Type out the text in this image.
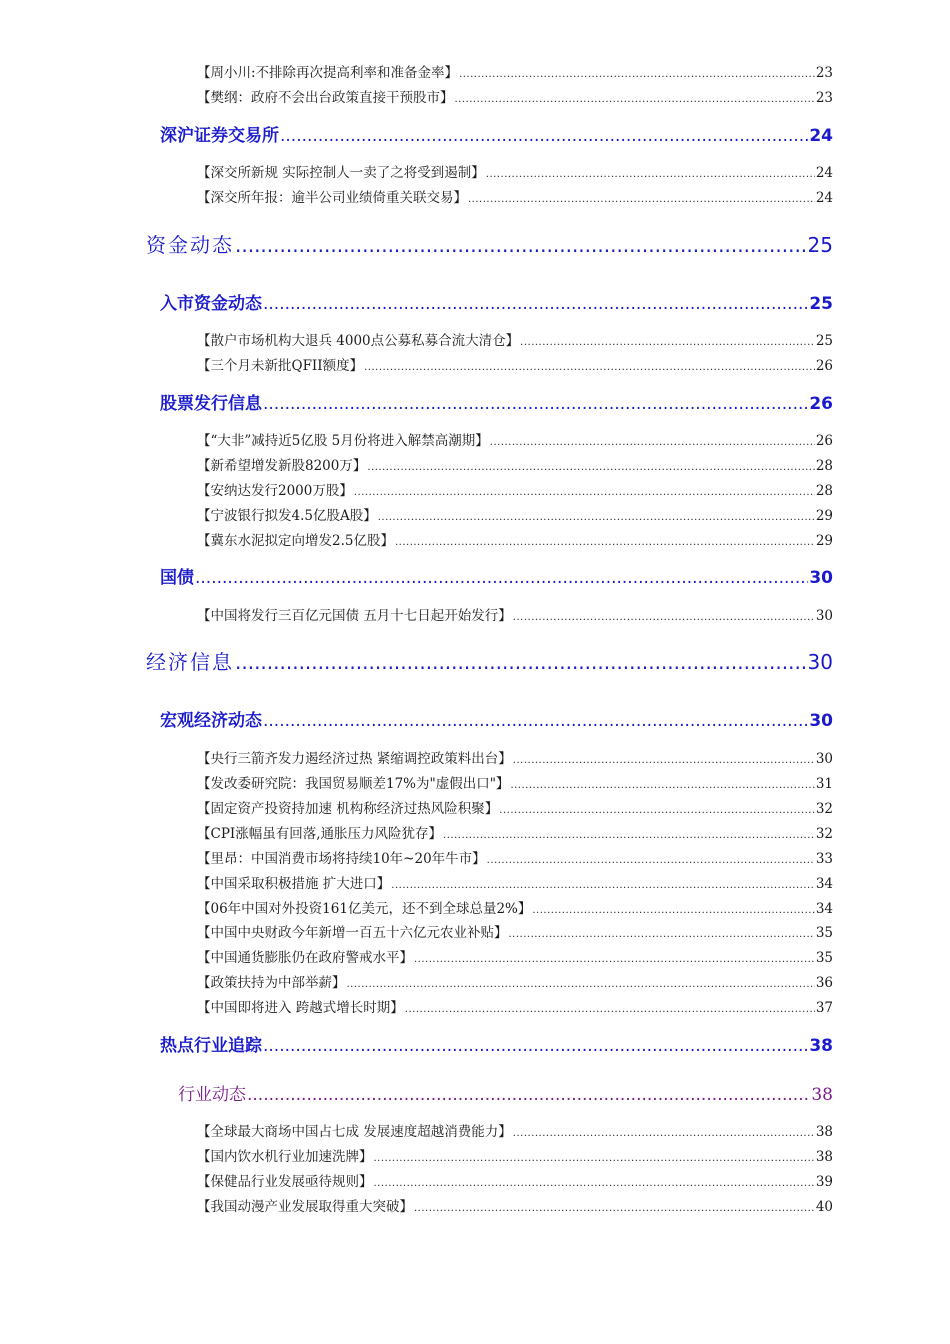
【周小川:不排除再次提高利率和准备金率】 .....	23
【樊纲：政府不会出台政策直接干预股市】 .....	23
深沪证券交易所 .....	24
【深交所新规 实际控制人一卖了之将受到遏制】 .....	24
【深交所年报：逾半公司业绩倚重关联交易】 .....	24
资金动态 .....	25
入市资金动态 .....	25
【散户市场机构大退兵 4000点公募私募合流大清仓】 .....	25
【三个月未新批QFII额度】 .....	26
股票发行信息 .....	26
【“大非”减持近5亿股 5月份将进入解禁高潮期】 .....	26
【新希望增发新股8200万】 .....	28
【安纳达发行2000万股】 .....	28
【宁波银行拟发4.5亿股A股】 .....	29
【冀东水泥拟定向增发2.5亿股】 .....	29
国债 .....	30
【中国将发行三百亿元国债 五月十七日起开始发行】 .....	30
经济信息 .....	30
宏观经济动态 .....	30
【央行三箭齐发力遏经济过热 紧缩调控政策料出台】 .....	30
【发改委研究院：我国贸易顺差17%为"虚假出口"】 .....	31
【固定资产投资持加速 机构称经济过热风险积聚】 .....	32
【CPI涨幅虽有回落,通胀压力风险犹存】 .....	32
【里昂：中国消费市场将持续10年~20年牛市】 .....	33
【中国采取积极措施 扩大进口】 .....	34
【06年中国对外投资161亿美元，还不到全球总量2%】 .....	34
【中国中央财政今年新增一百五十六亿元农业补贴】 .....	35
【中国通货膨胀仍在政府警戒水平】 .....	35
【政策扶持为中部举薪】 .....	36
【中国即将进入 跨越式增长时期】 .....	37
热点行业追踪 .....	38
行业动态 .....	38
【全球最大商场中国占七成 发展速度超越消费能力】 .....	38
【国内饮水机行业加速洗牌】 .....	38
【保健品行业发展亟待规则】 .....	39
【我国动漫产业发展取得重大突破】 .....	40
